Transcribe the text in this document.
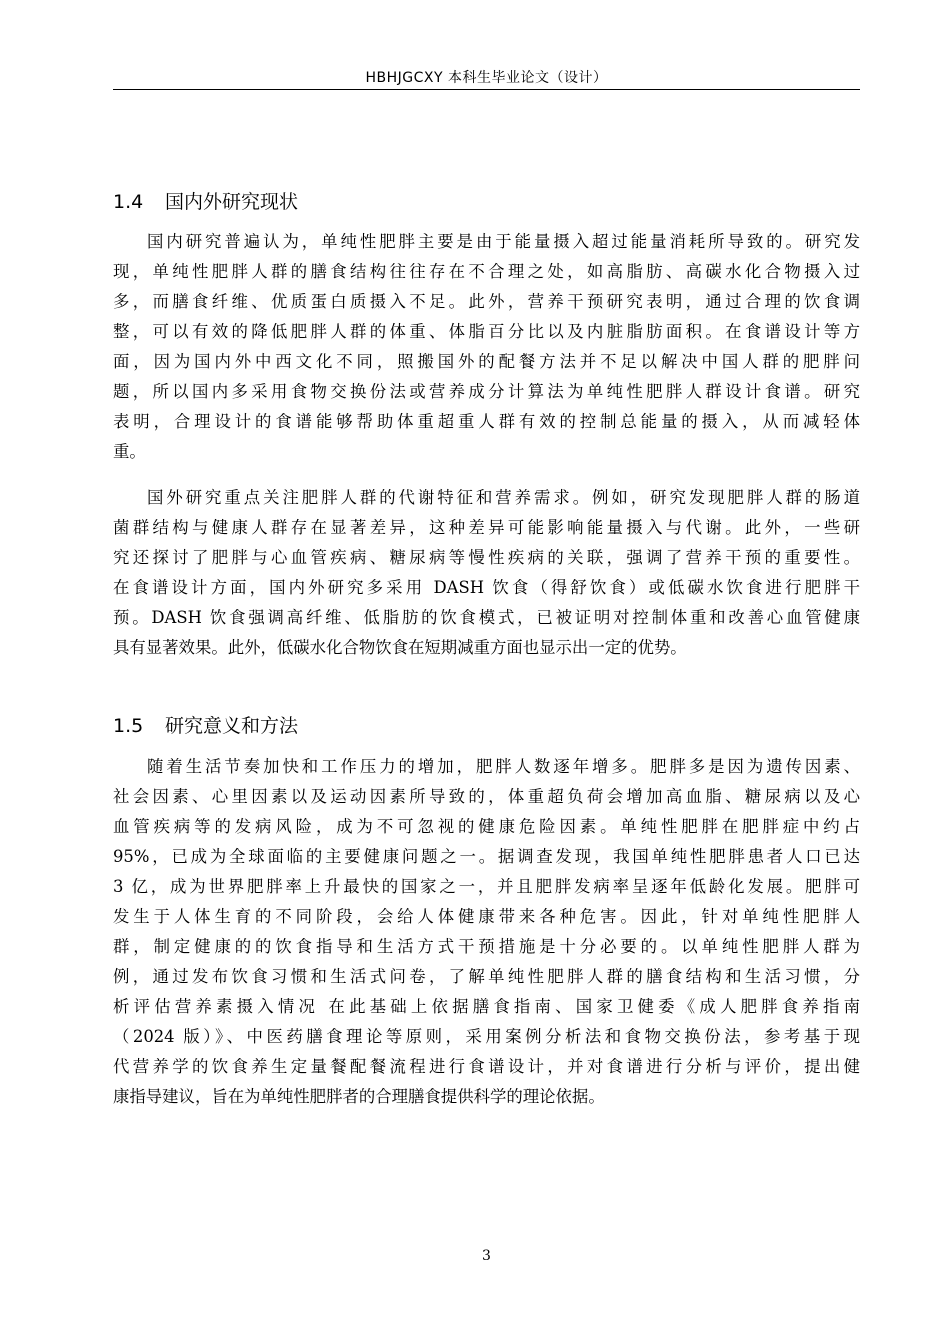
HBHJGCXY 本科生毕业论文（设计）
1.4 国内外研究现状
国内研究普遍认为，单纯性肥胖主要是由于能量摄入超过能量消耗所导致的。研究发
现，单纯性肥胖人群的膳食结构往往存在不合理之处，如高脂肪、高碳水化合物摄入过
多，而膳食纤维、优质蛋白质摄入不足。此外，营养干预研究表明，通过合理的饮食调
整，可以有效的降低肥胖人群的体重、体脂百分比以及内脏脂肪面积。在食谱设计等方
面，因为国内外中西文化不同，照搬国外的配餐方法并不足以解决中国人群的肥胖问
题，所以国内多采用食物交换份法或营养成分计算法为单纯性肥胖人群设计食谱。研究
表明，合理设计的食谱能够帮助体重超重人群有效的控制总能量的摄入，从而减轻体
重。
国外研究重点关注肥胖人群的代谢特征和营养需求。例如，研究发现肥胖人群的肠道
菌群结构与健康人群存在显著差异，这种差异可能影响能量摄入与代谢。此外，一些研
究还探讨了肥胖与心血管疾病、糖尿病等慢性疾病的关联，强调了营养干预的重要性。
在食谱设计方面，国内外研究多采用 DASH 饮食（得舒饮食）或低碳水饮食进行肥胖干
预。DASH 饮食强调高纤维、低脂肪的饮食模式，已被证明对控制体重和改善心血管健康
具有显著效果。此外，低碳水化合物饮食在短期减重方面也显示出一定的优势。
1.5 研究意义和方法
随着生活节奏加快和工作压力的增加，肥胖人数逐年增多。肥胖多是因为遗传因素、
社会因素、心里因素以及运动因素所导致的，体重超负荷会增加高血脂、糖尿病以及心
血管疾病等的发病风险，成为不可忽视的健康危险因素。单纯性肥胖在肥胖症中约占
95%，已成为全球面临的主要健康问题之一。据调查发现，我国单纯性肥胖患者人口已达
3 亿，成为世界肥胖率上升最快的国家之一，并且肥胖发病率呈逐年低龄化发展。肥胖可
发生于人体生育的不同阶段，会给人体健康带来各种危害。因此，针对单纯性肥胖人
群，制定健康的的饮食指导和生活方式干预措施是十分必要的。以单纯性肥胖人群为
例，通过发布饮食习惯和生活式问卷，了解单纯性肥胖人群的膳食结构和生活习惯，分
析评估营养素摄入情况 在此基础上依据膳食指南、国家卫健委《成人肥胖食养指南
（2024 版）》、中医药膳食理论等原则，采用案例分析法和食物交换份法，参考基于现
代营养学的饮食养生定量餐配餐流程进行食谱设计，并对食谱进行分析与评价，提出健
康指导建议，旨在为单纯性肥胖者的合理膳食提供科学的理论依据。
3
